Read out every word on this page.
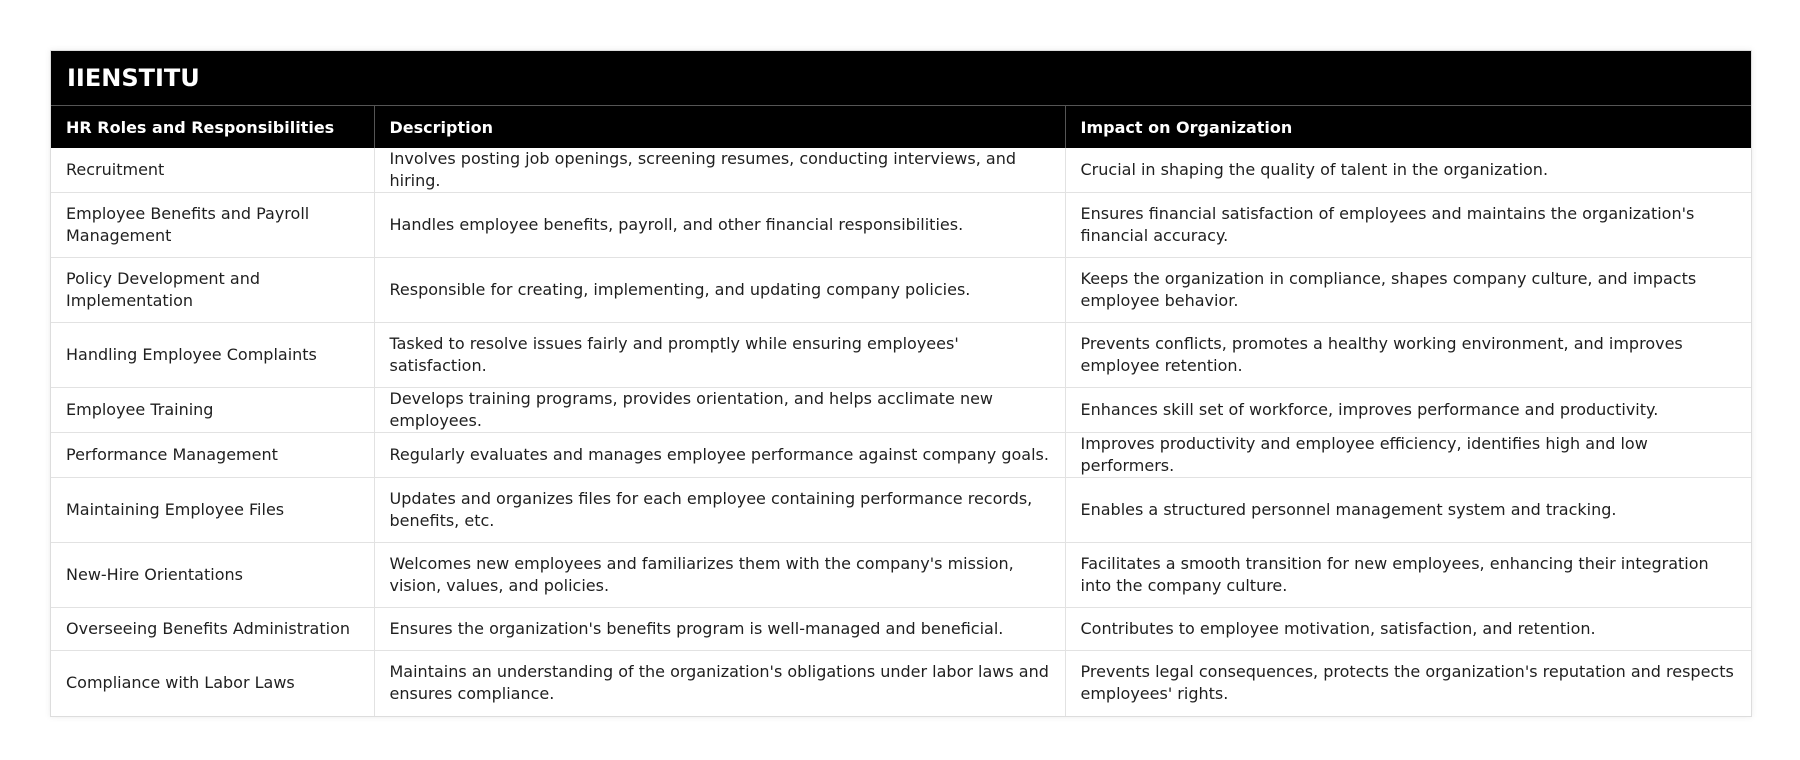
IIENSTITU
HR Roles and Responsibilities	Description	Impact on Organization
Recruitment	Involves posting job openings, screening resumes, conducting interviews, and hiring.	Crucial in shaping the quality of talent in the organization.
Employee Benefits and Payroll Management	Handles employee benefits, payroll, and other financial responsibilities.	Ensures financial satisfaction of employees and maintains the organization's financial accuracy.
Policy Development and Implementation	Responsible for creating, implementing, and updating company policies.	Keeps the organization in compliance, shapes company culture, and impacts employee behavior.
Handling Employee Complaints	Tasked to resolve issues fairly and promptly while ensuring employees' satisfaction.	Prevents conflicts, promotes a healthy working environment, and improves employee retention.
Employee Training	Develops training programs, provides orientation, and helps acclimate new employees.	Enhances skill set of workforce, improves performance and productivity.
Performance Management	Regularly evaluates and manages employee performance against company goals.	Improves productivity and employee efficiency, identifies high and low performers.
Maintaining Employee Files	Updates and organizes files for each employee containing performance records, benefits, etc.	Enables a structured personnel management system and tracking.
New-Hire Orientations	Welcomes new employees and familiarizes them with the company's mission, vision, values, and policies.	Facilitates a smooth transition for new employees, enhancing their integration into the company culture.
Overseeing Benefits Administration	Ensures the organization's benefits program is well-managed and beneficial.	Contributes to employee motivation, satisfaction, and retention.
Compliance with Labor Laws	Maintains an understanding of the organization's obligations under labor laws and ensures compliance.	Prevents legal consequences, protects the organization's reputation and respects employees' rights.
